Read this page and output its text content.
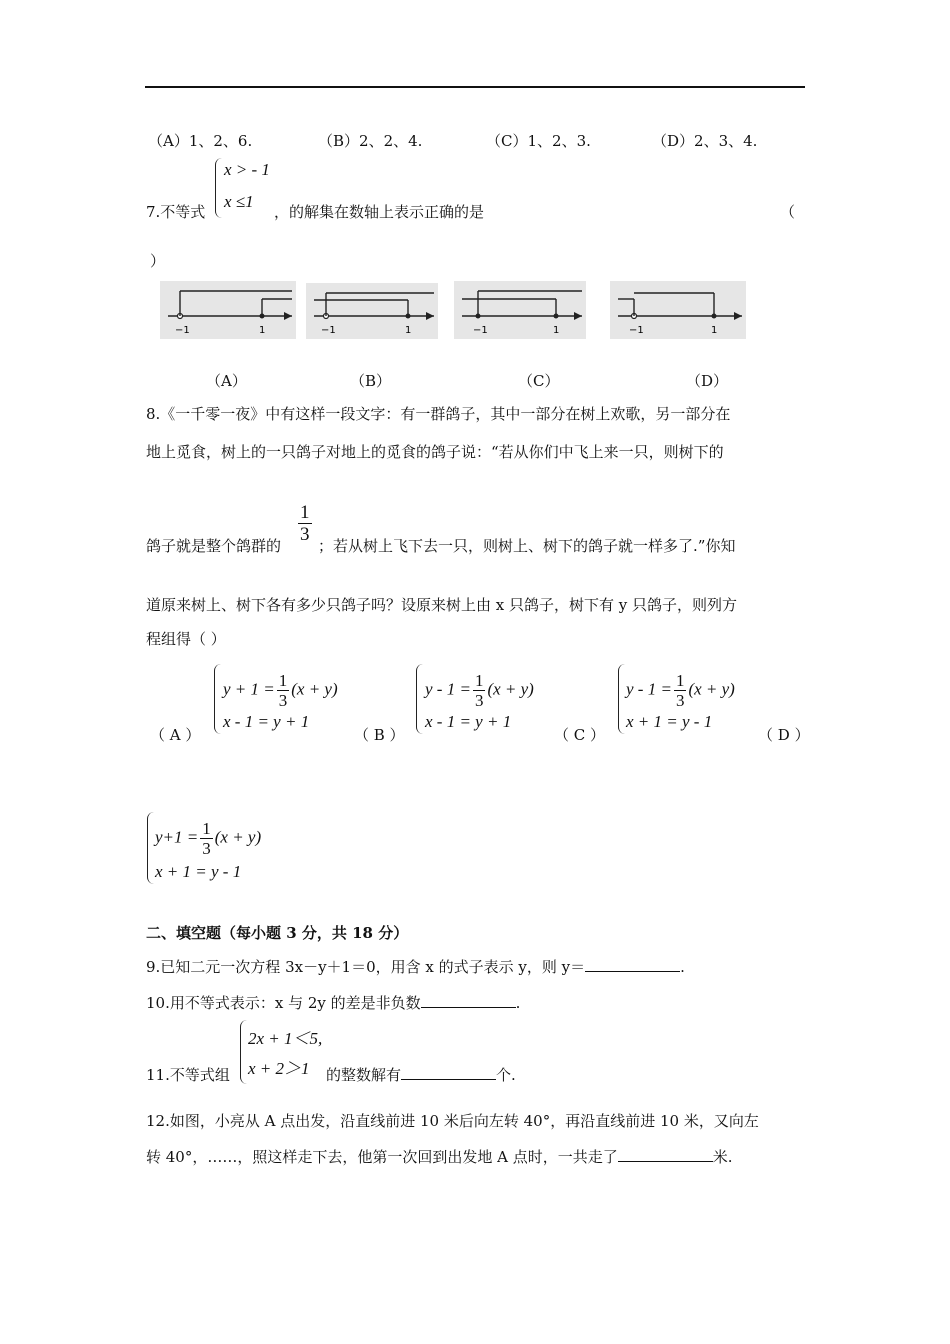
（A）1、2、6.	（B）2、2、4.	（C）1、2、3.	（D）2、3、4.
x > - 1
x ≤1
7.不等式	，的解集在数轴上表示正确的是	（
）
−1	1	−1	1	−1	1	−1	1
（A）	（B）	（C）	（D）
8.《一千零一夜》中有这样一段文字：有一群鸽子，其中一部分在树上欢歌，另一部分在
地上觅食，树上的一只鸽子对地上的觅食的鸽子说：“若从你们中飞上来一只，则树下的
鸽子就是整个鸽群的
$\frac{1}{3}$
；若从树上飞下去一只，则树上、树下的鸽子就一样多了.”你知
道原来树上、树下各有多少只鸽子吗？设原来树上由 x 只鸽子，树下有 y 只鸽子，则列方
程组得（ ）
$y + 1 = \frac{1}{3} (x + y)$
x - 1 = y + 1
（ A ）
$y - 1 = \frac{1}{3} (x + y)$
x - 1 = y + 1
（ B ）
$y - 1 = \frac{1}{3} (x + y)$
x + 1 = y - 1
（ C ）	（ D ）
$y+1 = \frac{1}{3} (x + y)$
x + 1 = y - 1
二、填空题（每小题 3 分，共 18 分）
9.已知二元一次方程 3x－y＋1＝0，用含 x 的式子表示 y，则 y＝	.
10.用不等式表示：x 与 2y 的差是非负数	.
2x + 1＜5,
x + 2＞1
11.不等式组	的整数解有	个.
12.如图，小亮从 A 点出发，沿直线前进 10 米后向左转 40°，再沿直线前进 10 米，又向左
转 40°，……，照这样走下去，他第一次回到出发地 A 点时，一共走了	米.
